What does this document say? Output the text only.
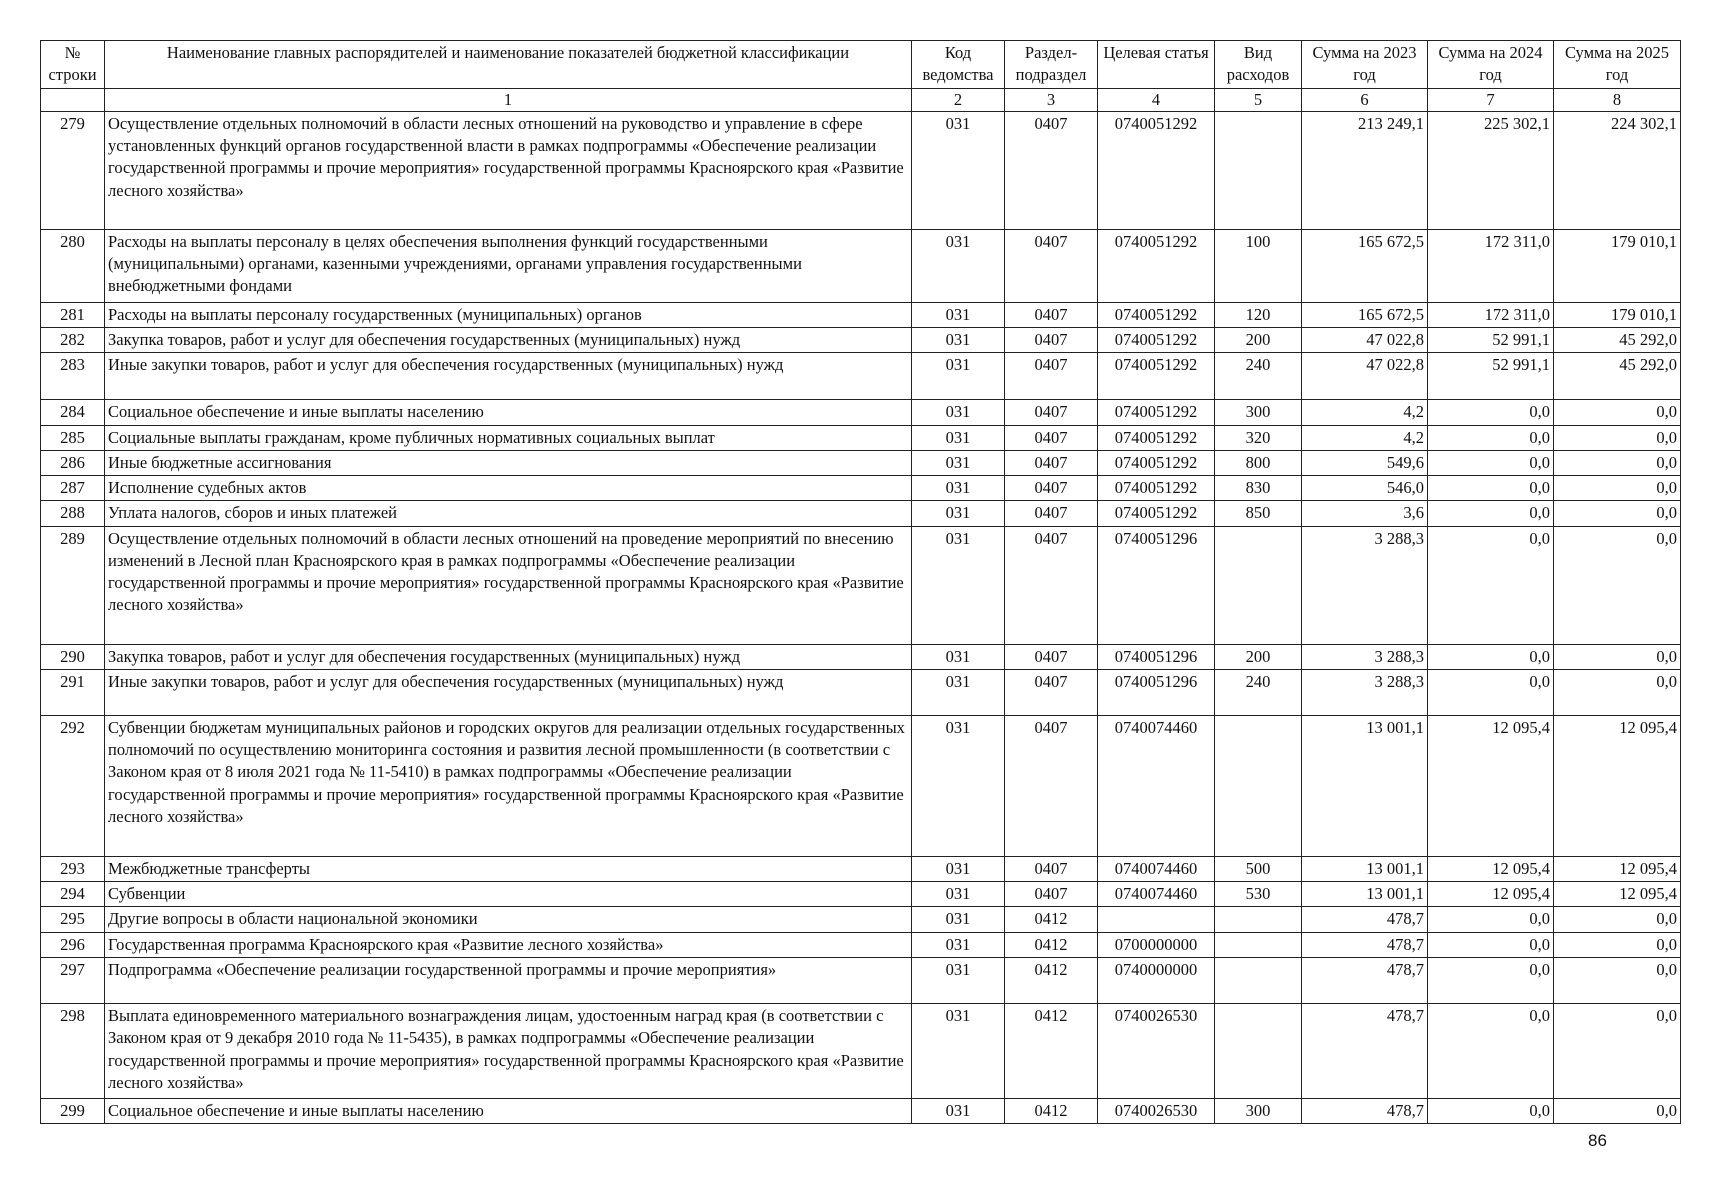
№ строки	Наименование главных распорядителей и наименование показателей бюджетной классификации	Код ведомства	Раздел-подраздел	Целевая статья	Вид расходов	Сумма на 2023 год	Сумма на 2024 год	Сумма на 2025 год
	1	2	3	4	5	6	7	8
279	Осуществление отдельных полномочий в области лесных отношений на руководство и управление в сфере установленных функций органов государственной власти в рамках подпрограммы «Обеспечение реализации государственной программы и прочие мероприятия» государственной программы Красноярского края «Развитие лесного хозяйства»	031	0407	0740051292		213 249,1	225 302,1	224 302,1
280	Расходы на выплаты персоналу в целях обеспечения выполнения функций государственными (муниципальными) органами, казенными учреждениями, органами управления государственными внебюджетными фондами	031	0407	0740051292	100	165 672,5	172 311,0	179 010,1
281	Расходы на выплаты персоналу государственных (муниципальных) органов	031	0407	0740051292	120	165 672,5	172 311,0	179 010,1
282	Закупка товаров, работ и услуг для обеспечения государственных (муниципальных) нужд	031	0407	0740051292	200	47 022,8	52 991,1	45 292,0
283	Иные закупки товаров, работ и услуг для обеспечения государственных (муниципальных) нужд	031	0407	0740051292	240	47 022,8	52 991,1	45 292,0
284	Социальное обеспечение и иные выплаты населению	031	0407	0740051292	300	4,2	0,0	0,0
285	Социальные выплаты гражданам, кроме публичных нормативных социальных выплат	031	0407	0740051292	320	4,2	0,0	0,0
286	Иные бюджетные ассигнования	031	0407	0740051292	800	549,6	0,0	0,0
287	Исполнение судебных актов	031	0407	0740051292	830	546,0	0,0	0,0
288	Уплата налогов, сборов и иных платежей	031	0407	0740051292	850	3,6	0,0	0,0
289	Осуществление отдельных полномочий в области лесных отношений на проведение мероприятий по внесению изменений в Лесной план Красноярского края в рамках подпрограммы «Обеспечение реализации государственной программы и прочие мероприятия» государственной программы Красноярского края «Развитие лесного хозяйства»	031	0407	0740051296		3 288,3	0,0	0,0
290	Закупка товаров, работ и услуг для обеспечения государственных (муниципальных) нужд	031	0407	0740051296	200	3 288,3	0,0	0,0
291	Иные закупки товаров, работ и услуг для обеспечения государственных (муниципальных) нужд	031	0407	0740051296	240	3 288,3	0,0	0,0
292	Субвенции бюджетам муниципальных районов и городских округов для реализации отдельных государственных полномочий по осуществлению мониторинга состояния и развития лесной промышленности (в соответствии с Законом края от 8 июля 2021 года № 11-5410) в рамках подпрограммы «Обеспечение реализации государственной программы и прочие мероприятия» государственной программы Красноярского края «Развитие лесного хозяйства»	031	0407	0740074460		13 001,1	12 095,4	12 095,4
293	Межбюджетные трансферты	031	0407	0740074460	500	13 001,1	12 095,4	12 095,4
294	Субвенции	031	0407	0740074460	530	13 001,1	12 095,4	12 095,4
295	Другие вопросы в области национальной экономики	031	0412			478,7	0,0	0,0
296	Государственная программа Красноярского края «Развитие лесного хозяйства»	031	0412	0700000000		478,7	0,0	0,0
297	Подпрограмма «Обеспечение реализации государственной программы и прочие мероприятия»	031	0412	0740000000		478,7	0,0	0,0
298	Выплата единовременного материального вознаграждения лицам, удостоенным наград края (в соответствии с Законом края от 9 декабря 2010 года № 11-5435), в рамках подпрограммы «Обеспечение реализации государственной программы и прочие мероприятия» государственной программы Красноярского края «Развитие лесного хозяйства»	031	0412	0740026530		478,7	0,0	0,0
299	Социальное обеспечение и иные выплаты населению	031	0412	0740026530	300	478,7	0,0	0,0
86
